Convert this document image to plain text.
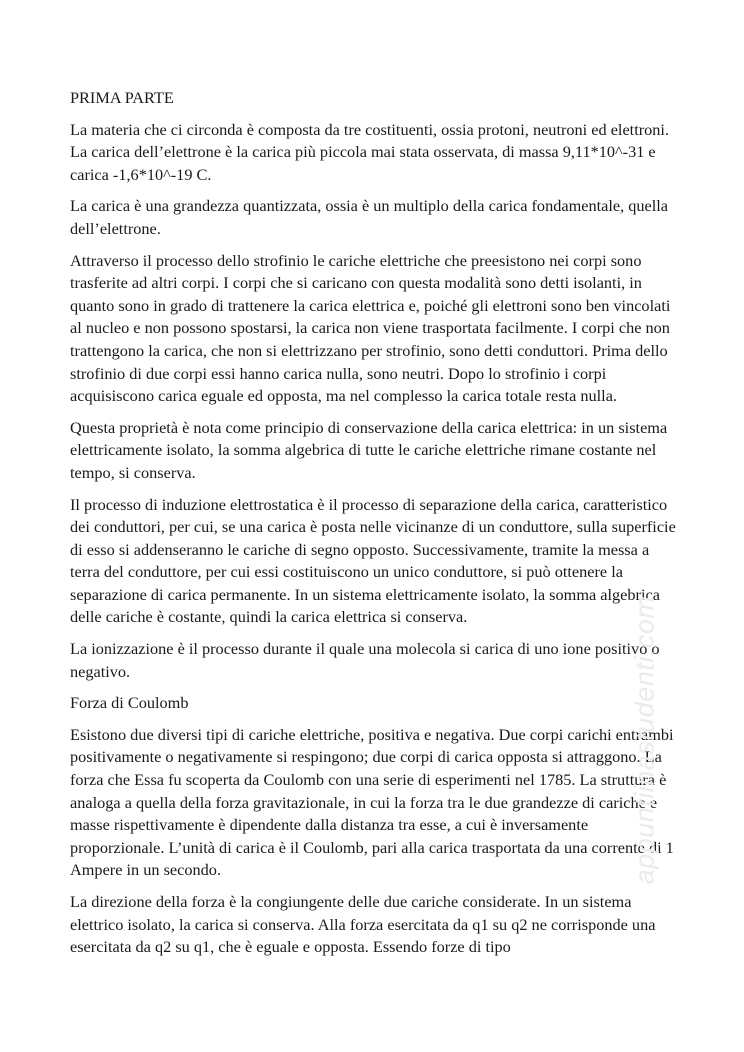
PRIMA PARTE

La materia che ci circonda è composta da tre costituenti, ossia protoni, neutroni ed elettroni. La carica dell’elettrone è la carica più piccola mai stata osservata, di massa 9,11*10^-31 e carica -1,6*10^-19 C.

La carica è una grandezza quantizzata, ossia è un multiplo della carica fondamentale, quella dell’elettrone.

Attraverso il processo dello strofinio le cariche elettriche che preesistono nei corpi sono trasferite ad altri corpi. I corpi che si caricano con questa modalità sono detti isolanti, in quanto sono in grado di trattenere la carica elettrica e, poiché gli elettroni sono ben vincolati al nucleo e non possono spostarsi, la carica non viene trasportata facilmente. I corpi che non trattengono la carica, che non si elettrizzano per strofinio, sono detti conduttori. Prima dello strofinio di due corpi essi hanno carica nulla, sono neutri. Dopo lo strofinio i corpi acquisiscono carica eguale ed opposta, ma nel complesso la carica totale resta nulla.

Questa proprietà è nota come principio di conservazione della carica elettrica: in un sistema elettricamente isolato, la somma algebrica di tutte le cariche elettriche rimane costante nel tempo, si conserva.

Il processo di induzione elettrostatica è il processo di separazione della carica, caratteristico dei conduttori, per cui, se una carica è posta nelle vicinanze di un conduttore, sulla superficie di esso si addenseranno le cariche di segno opposto. Successivamente, tramite la messa a terra del conduttore, per cui essi costituiscono un unico conduttore, si può ottenere la separazione di carica permanente. In un sistema elettricamente isolato, la somma algebrica delle cariche è costante, quindi la carica elettrica si conserva.

La ionizzazione è il processo durante il quale una molecola si carica di uno ione positivo o negativo.

Forza di Coulomb

Esistono due diversi tipi di cariche elettriche, positiva e negativa. Due corpi carichi entrambi positivamente o negativamente si respingono; due corpi di carica opposta si attraggono. La forza che Essa fu scoperta da Coulomb con una serie di esperimenti nel 1785. La struttura è analoga a quella della forza gravitazionale, in cui la forza tra le due grandezze di cariche e masse rispettivamente è dipendente dalla distanza tra esse, a cui è inversamente proporzionale. L’unità di carica è il Coulomb, pari alla carica trasportata da una corrente di 1 Ampere in un secondo.

La direzione della forza è la congiungente delle due cariche considerate. In un sistema elettrico isolato, la carica si conserva. Alla forza esercitata da q1 su q2 ne corrisponde una esercitata da q2 su q1, che è eguale e opposta. Essendo forze di tipo

appuntiinastudenti.com
